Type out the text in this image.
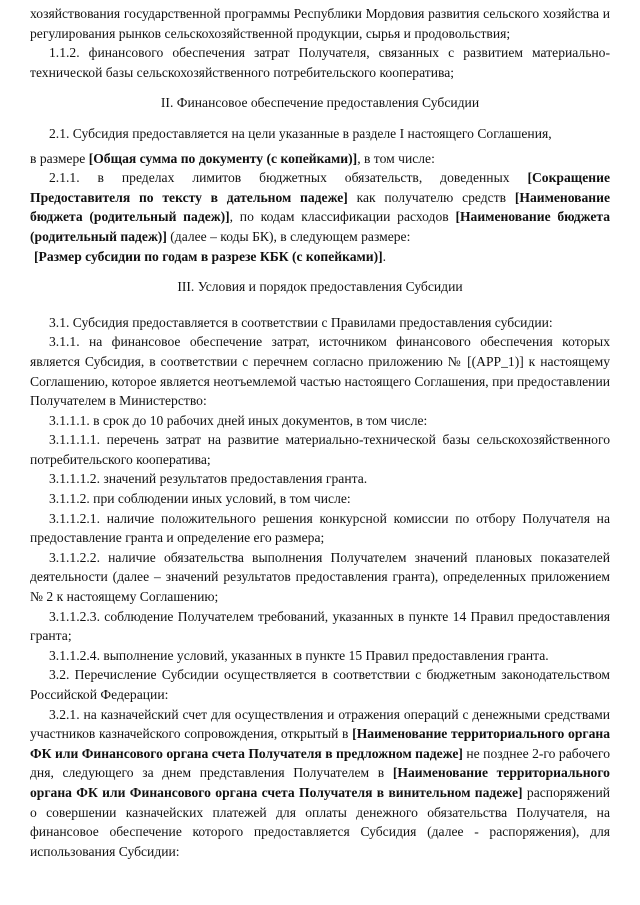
хозяйствования государственной программы Республики Мордовия развития сельского хозяйства и регулирования рынков сельскохозяйственной продукции, сырья и продовольствия;

1.1.2. финансового обеспечения затрат Получателя, связанных с развитием материально-технической базы сельскохозяйственного потребительского кооператива;

II. Финансовое обеспечение предоставления Субсидии

2.1. Субсидия предоставляется на цели указанные в разделе I настоящего Соглашения,

в размере [Общая сумма по документу (с копейками)], в том числе:

2.1.1. в пределах лимитов бюджетных обязательств, доведенных [Сокращение Предоставителя по тексту в дательном падеже] как получателю средств [Наименование бюджета (родительный падеж)], по кодам классификации расходов [Наименование бюджета (родительный падеж)] (далее – коды БК), в следующем размере:

[Размер субсидии по годам в разрезе КБК (с копейками)].

III. Условия и порядок предоставления Субсидии

3.1. Субсидия предоставляется в соответствии с Правилами предоставления субсидии:

3.1.1. на финансовое обеспечение затрат, источником финансового обеспечения которых является Субсидия, в соответствии с перечнем согласно приложению № [(APP_1)] к настоящему Соглашению, которое является неотъемлемой частью настоящего Соглашения, при предоставлении Получателем в Министерство:

3.1.1.1. в срок до 10 рабочих дней иных документов, в том числе:

3.1.1.1.1. перечень затрат на развитие материально-технической базы сельскохозяйственного потребительского кооператива;

3.1.1.1.2. значений результатов предоставления гранта.

3.1.1.2. при соблюдении иных условий, в том числе:

3.1.1.2.1. наличие положительного решения конкурсной комиссии по отбору Получателя на предоставление гранта и определение его размера;

3.1.1.2.2. наличие обязательства выполнения Получателем значений плановых показателей деятельности (далее – значений результатов предоставления гранта), определенных приложением № 2 к настоящему Соглашению;

3.1.1.2.3. соблюдение Получателем требований, указанных в пункте 14 Правил предоставления гранта;

3.1.1.2.4. выполнение условий, указанных в пункте 15 Правил предоставления гранта.

3.2. Перечисление Субсидии осуществляется в соответствии с бюджетным законодательством Российской Федерации:

3.2.1. на казначейский счет для осуществления и отражения операций с денежными средствами участников казначейского сопровождения, открытый в [Наименование территориального органа ФК или Финансового органа счета Получателя в предложном падеже] не позднее 2-го рабочего дня, следующего за днем представления Получателем в [Наименование территориального органа ФК или Финансового органа счета Получателя в винительном падеже] распоряжений о совершении казначейских платежей для оплаты денежного обязательства Получателя, на финансовое обеспечение которого предоставляется Субсидия (далее - распоряжения), для использования Субсидии:
